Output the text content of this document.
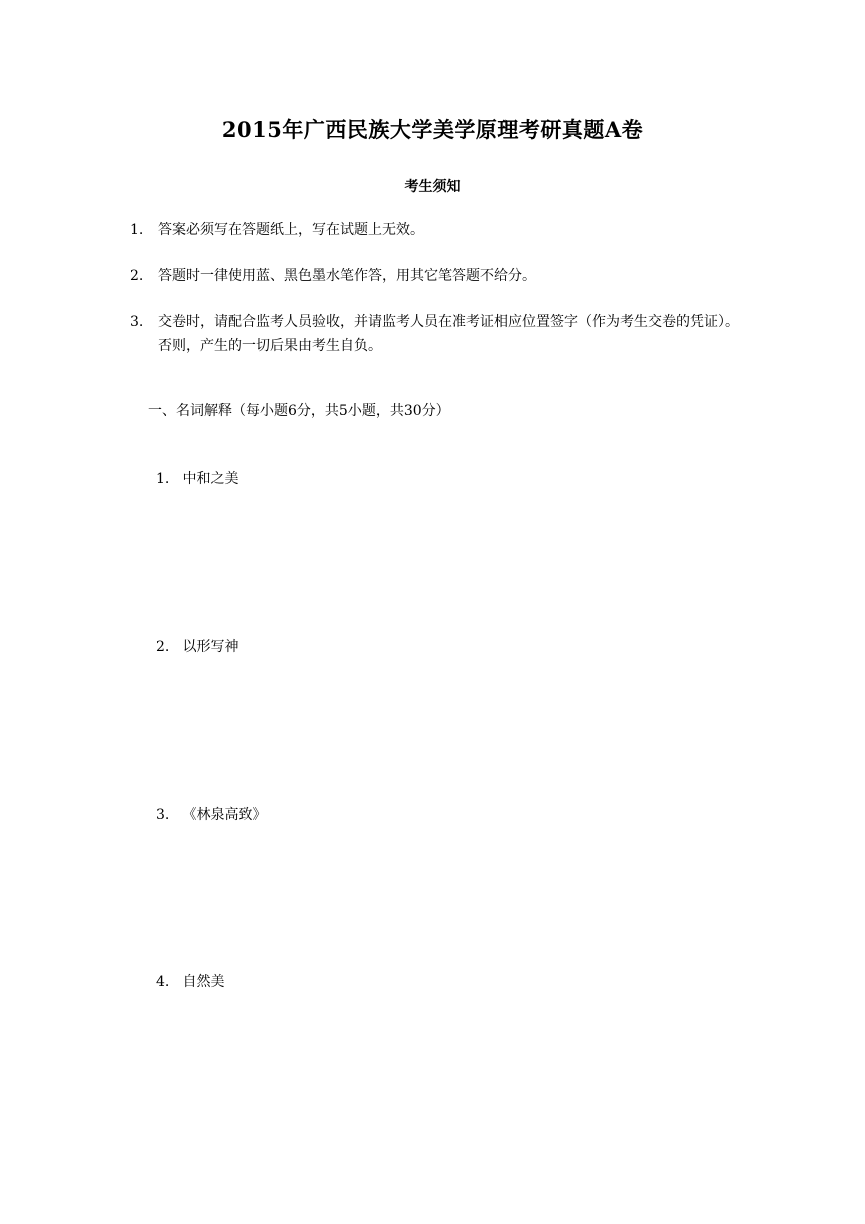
2015年广西民族大学美学原理考研真题A卷
考生须知
1.	答案必须写在答题纸上，写在试题上无效。
2.	答题时一律使用蓝、黑色墨水笔作答，用其它笔答题不给分。
3.	交卷时，请配合监考人员验收，并请监考人员在准考证相应位置签字（作为考生交卷的凭证）。否则，产生的一切后果由考生自负。
一、名词解释（每小题6分，共5小题，共30分）
1. 中和之美
2. 以形写神
3. 《林泉高致》
4. 自然美
